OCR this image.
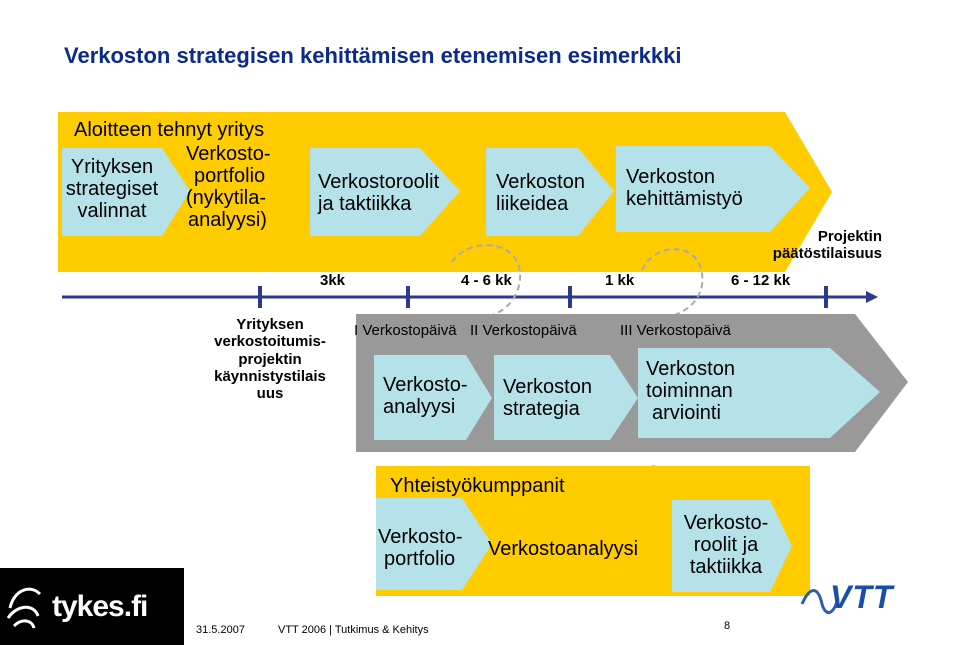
Verkoston strategisen kehittämisen etenemisen esimerkkki
Aloitteen tehnyt yritys
Yrityksen
strategiset
valinnat
Verkosto-
portfolio
(nykytila-
analyysi)
Verkostoroolit
ja taktiikka
Verkoston
liikeidea
Verkoston
kehittämistyö
Projektin
päätöstilaisuus
3kk	4 - 6 kk	1 kk	6 - 12 kk
Yrityksen
verkostoitumis-
projektin
käynnistystilais
uus
I Verkostopäivä II Verkostopäivä	III Verkostopäivä
Verkosto-
analyysi
Verkoston
strategia
Verkoston
toiminnan
arviointi
Yhteistyökumppanit
Verkosto-
portfolio	Verkostoanalyysi
Verkosto-
roolit ja
taktiikka
tykes.fi
31.5.2007	VTT 2006 | Tutkimus & Kehitys	8
VTT
